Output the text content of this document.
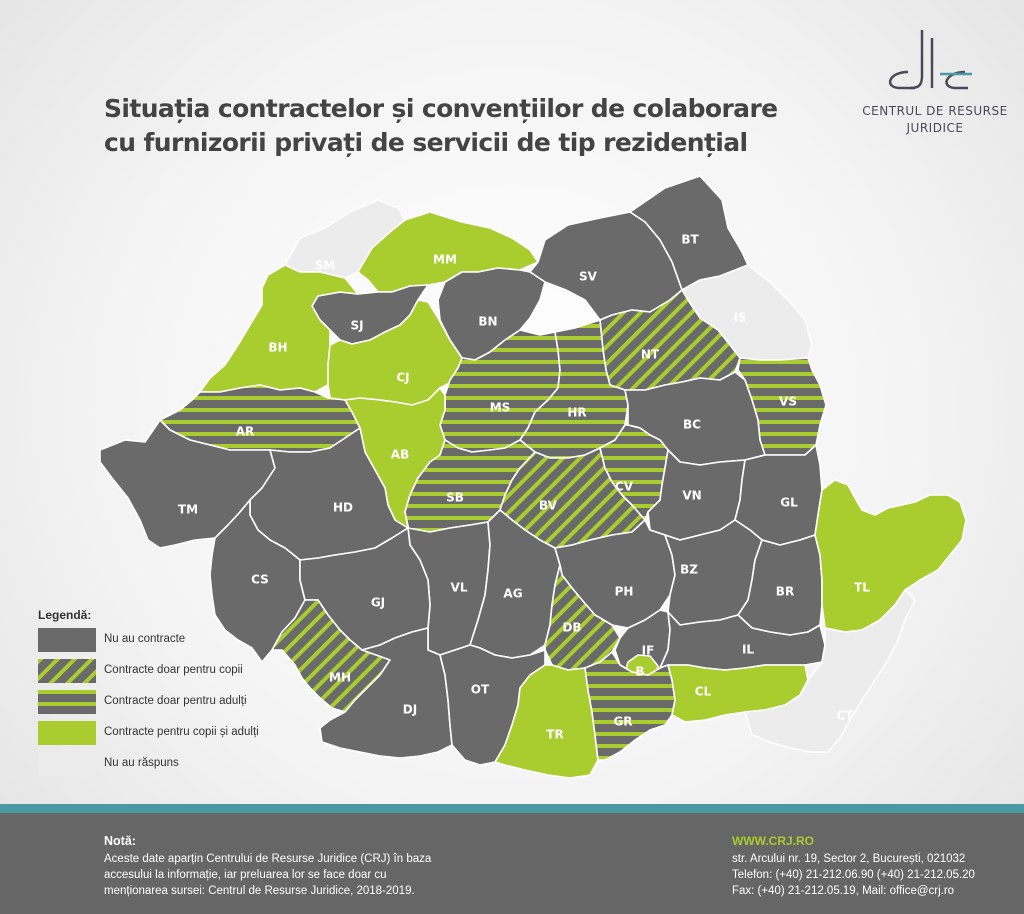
Situația contractelor și convențiilor de colaborare
cu furnizorii privați de servicii de tip rezidențial
CENTRUL DE RESURSE
JURIDICE
SM	MM
BT
SV
SJ	BN
BH
CJ
IS
NT
MS	HR
AR
VS
BC
AB
TM	HD
SB
BV
CV
VN	GL
CS
VL	AG	PH
BZ
BR	TL
GJ
DB
IF
B
IL
MH
DJ
OT
TR
GR
CL
CT
Legendă:
Nu au contracte
Contracte doar pentru copii
Contracte doar pentru adulți
Contracte pentru copii și adulți
Nu au răspuns
Notă:
Aceste date aparțin Centrului de Resurse Juridice (CRJ) în baza accesului la informație, iar preluarea lor se face doar cu menționarea sursei: Centrul de Resurse Juridice, 2018-2019.
WWW.CRJ.RO
str. Arcului nr. 19, Sector 2, București, 021032
Telefon: (+40) 21-212.06.90 (+40) 21-212.05.20
Fax: (+40) 21-212.05.19, Mail: office@crj.ro
